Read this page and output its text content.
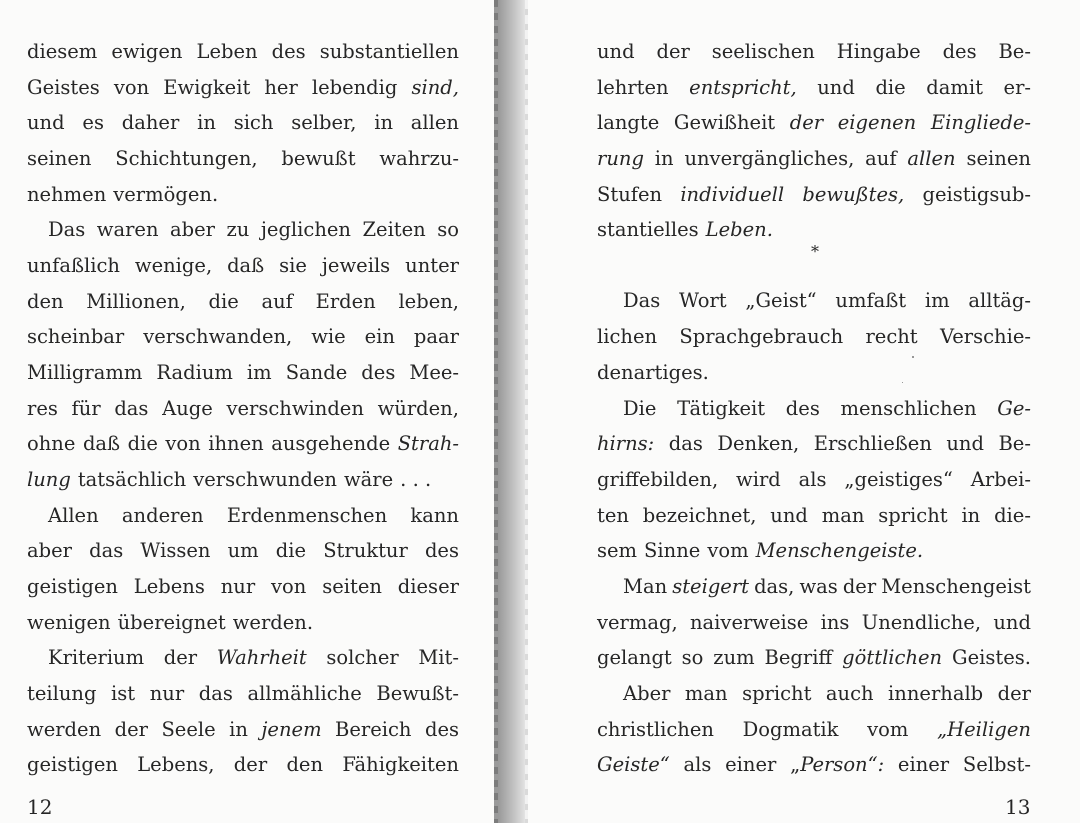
diesem ewigen Leben des substantiellen
Geistes von Ewigkeit her lebendig sind,
und es daher in sich selber, in allen
seinen Schichtungen, bewußt wahrzu-
nehmen vermögen.
Das waren aber zu jeglichen Zeiten so
unfaßlich wenige, daß sie jeweils unter
den Millionen, die auf Erden leben,
scheinbar verschwanden, wie ein paar
Milligramm Radium im Sande des Mee-
res für das Auge verschwinden würden,
ohne daß die von ihnen ausgehende Strah-
lung tatsächlich verschwunden wäre . . .
Allen anderen Erdenmenschen kann
aber das Wissen um die Struktur des
geistigen Lebens nur von seiten dieser
wenigen übereignet werden.
Kriterium der Wahrheit solcher Mit-
teilung ist nur das allmähliche Bewußt-
werden der Seele in jenem Bereich des
geistigen Lebens, der den Fähigkeiten
und der seelischen Hingabe des Be-
lehrten entspricht, und die damit er-
langte Gewißheit der eigenen Eingliede-
rung in unvergängliches, auf allen seinen
Stufen individuell bewußtes, geistigsub-
stantielles Leben.
Das Wort „Geist“ umfaßt im alltäg-
lichen Sprachgebrauch recht Verschie-
denartiges.
Die Tätigkeit des menschlichen Ge-
hirns: das Denken, Erschließen und Be-
griffebilden, wird als „geistiges“ Arbei-
ten bezeichnet, und man spricht in die-
sem Sinne vom Menschengeiste.
Man steigert das, was der Menschengeist
vermag, naiverweise ins Unendliche, und
gelangt so zum Begriff göttlichen Geistes.
Aber man spricht auch innerhalb der
christlichen Dogmatik vom „Heiligen
Geiste“ als einer „Person“: einer Selbst-
*
12	13
